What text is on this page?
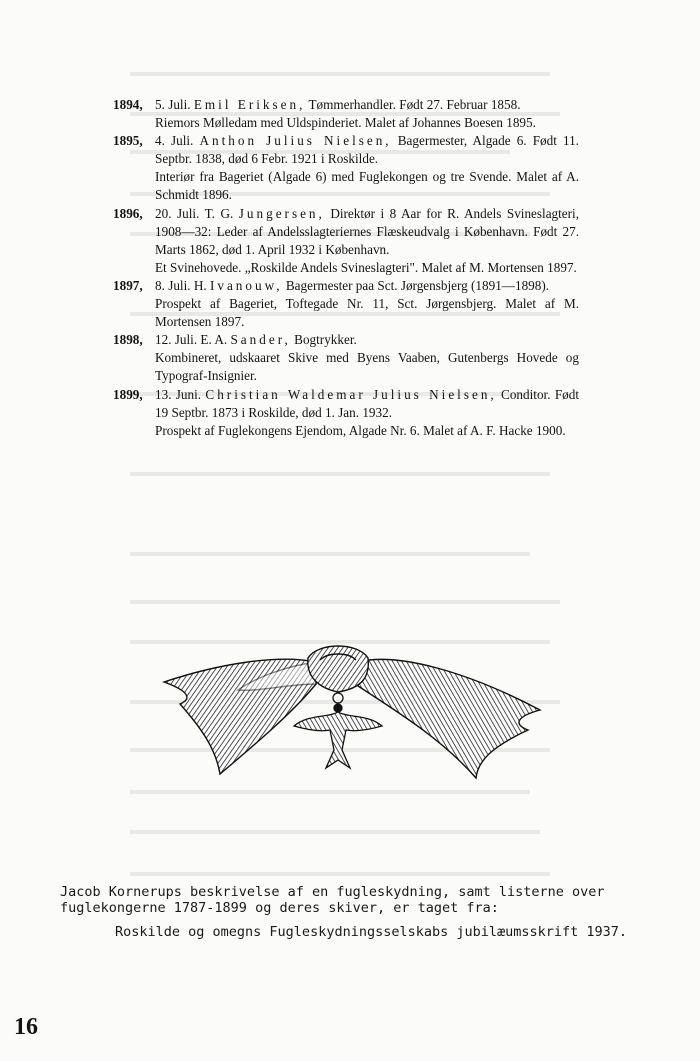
1894, 5. Juli. Emil Eriksen, Tømmerhandler. Født 27. Februar 1858.

Riemors Mølledam med Uldspinderiet. Malet af Johannes Boesen 1895.

1895, 4. Juli. Anthon Julius Nielsen, Bagermester, Algade 6. Født 11. Septbr. 1838, død 6 Febr. 1921 i Roskilde.

Interiør fra Bageriet (Algade 6) med Fuglekongen og tre Svende. Malet af A. Schmidt 1896.

1896, 20. Juli. T. G. Jungersen, Direktør i 8 Aar for R. Andels Svineslagteri, 1908—32: Leder af Andelsslagteriernes Flæskeudvalg i København. Født 27. Marts 1862, død 1. April 1932 i København.

Et Svinehovede. „Roskilde Andels Svineslagteri". Malet af M. Mortensen 1897.

1897, 8. Juli. H. Ivanouw, Bagermester paa Sct. Jørgensbjerg (1891—1898).

Prospekt af Bageriet, Toftegade Nr. 11, Sct. Jørgensbjerg. Malet af M. Mortensen 1897.

1898, 12. Juli. E. A. Sander, Bogtrykker.

Kombineret, udskaaret Skive med Byens Vaaben, Gutenbergs Hovede og Typograf-Insignier.

1899, 13. Juni. Christian Waldemar Julius Nielsen, Conditor. Født 19 Septbr. 1873 i Roskilde, død 1. Jan. 1932.

Prospekt af Fuglekongens Ejendom, Algade Nr. 6. Malet af A. F. Hacke 1900.

Jacob Kornerups beskrivelse af en fugleskydning, samt listerne over fuglekongerne 1787-1899 og deres skiver, er taget fra:

Roskilde og omegns Fugleskydningsselskabs jubilæumsskrift 1937.

16
